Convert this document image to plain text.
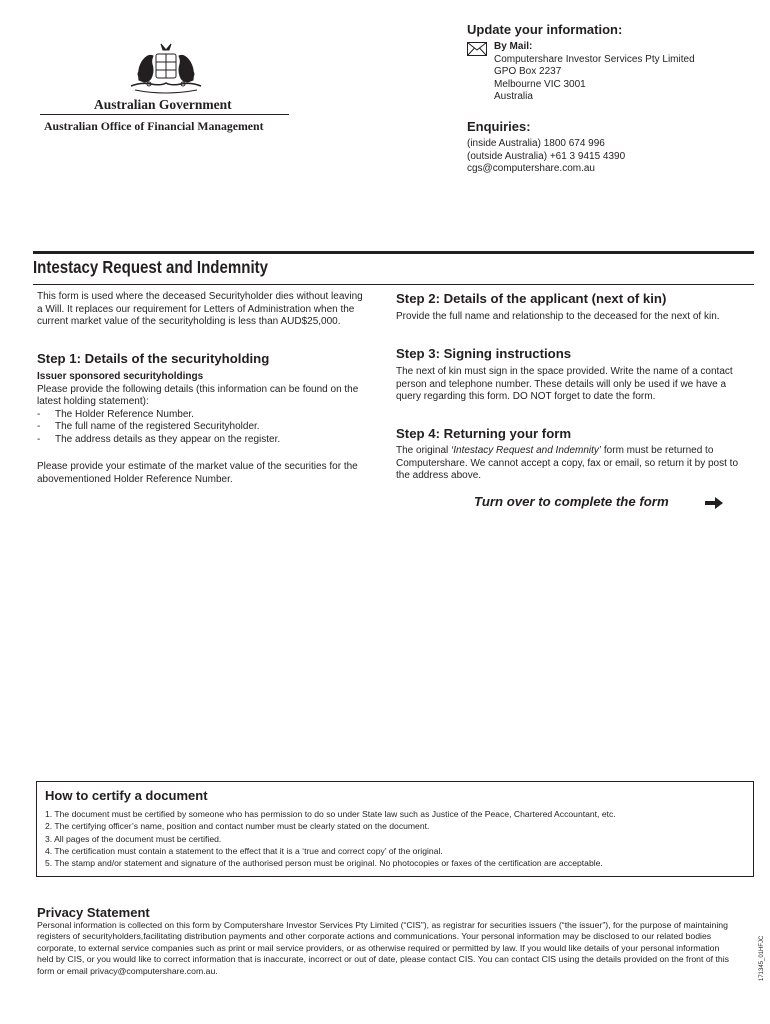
Australian Government
Australian Office of Financial Management
Update your information:
By Mail:
Computershare Investor Services Pty Limited
GPO Box 2237
Melbourne VIC 3001
Australia
Enquiries:
(inside Australia) 1800 674 996
(outside Australia) +61 3 9415 4390
cgs@computershare.com.au
Intestacy Request and Indemnity
This form is used where the deceased Securityholder dies without leaving a Will. It replaces our requirement for Letters of Administration when the current market value of the securityholding is less than AUD$25,000.
Step 1: Details of the securityholding
Issuer sponsored securityholdings
Please provide the following details (this information can be found on the latest holding statement):
- The Holder Reference Number.
- The full name of the registered Securityholder.
- The address details as they appear on the register.
Please provide your estimate of the market value of the securities for the abovementioned Holder Reference Number.
Step 2: Details of the applicant (next of kin)
Provide the full name and relationship to the deceased for the next of kin.
Step 3: Signing instructions
The next of kin must sign in the space provided. Write the name of a contact person and telephone number. These details will only be used if we have a query regarding this form. DO NOT forget to date the form.
Step 4: Returning your form
The original ‘Intestacy Request and Indemnity’ form must be returned to Computershare. We cannot accept a copy, fax or email, so return it by post to the address above.
Turn over to complete the form
How to certify a document
1. The document must be certified by someone who has permission to do so under State law such as Justice of the Peace, Chartered Accountant, etc.
2. The certifying officer’s name, position and contact number must be clearly stated on the document.
3. All pages of the document must be certified.
4. The certification must contain a statement to the effect that it is a ‘true and correct copy’ of the original.
5. The stamp and/or statement and signature of the authorised person must be original. No photocopies or faxes of the certification are acceptable.
Privacy Statement
Personal information is collected on this form by Computershare Investor Services Pty Limited (“CIS”), as registrar for securities issuers (“the issuer”), for the purpose of maintaining registers of securityholders,facilitating distribution payments and other corporate actions and communications. Your personal information may be disclosed to our related bodies corporate, to external service companies such as print or mail service providers, or as otherwise required or permitted by law. If you would like details of your personal information held by CIS, or you would like to correct information that is inaccurate, incorrect or out of date, please contact CIS. You can contact CIS using the details provided on the front of this form or email privacy@computershare.com.au.	171345_01HFJC
